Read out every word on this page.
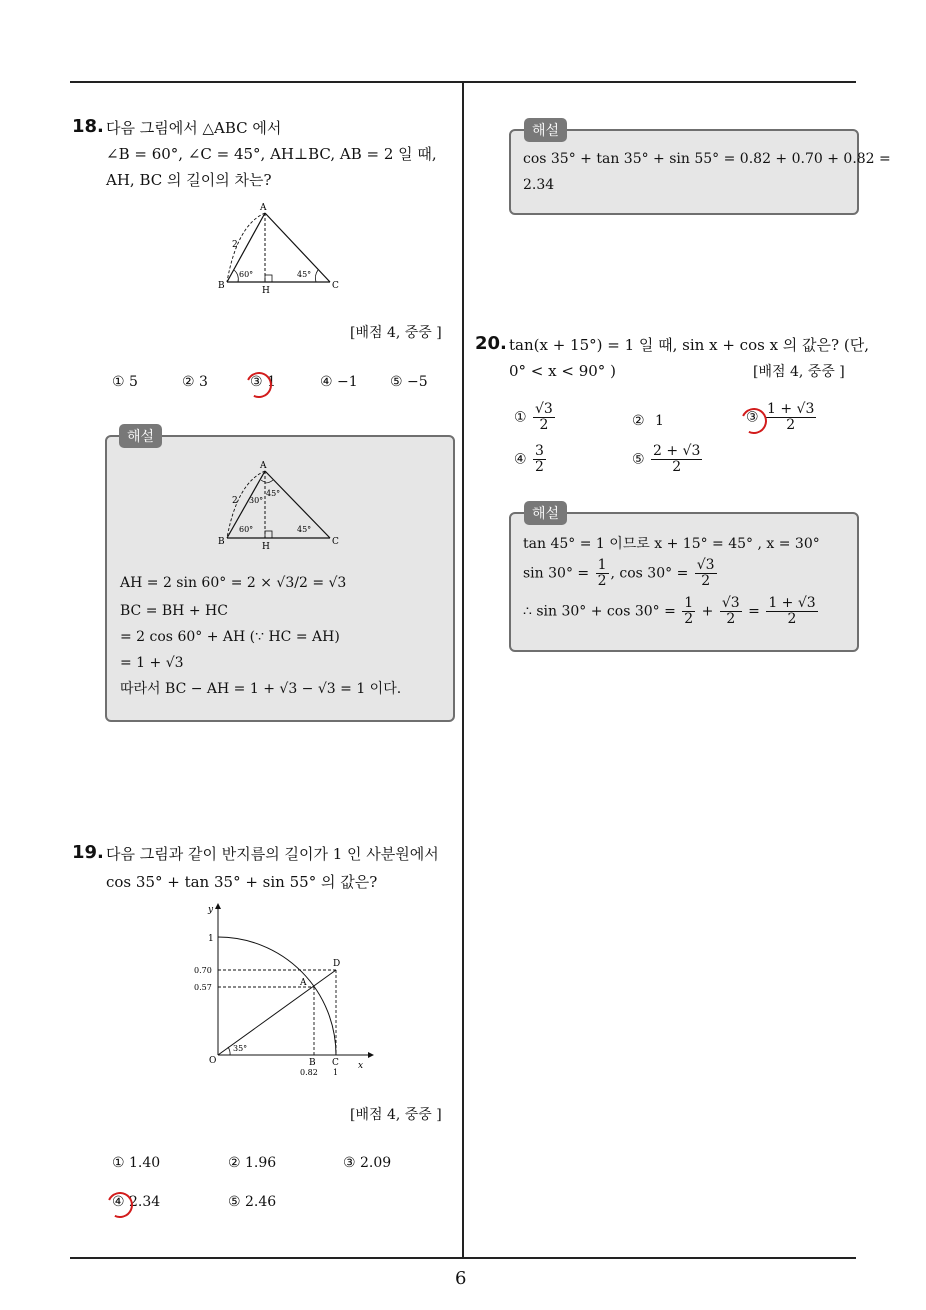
6
18. 다음 그림에서 △ABC 에서
∠B = 60°, ∠C = 45°, AH⊥BC, AB = 2 일 때,
AH, BC 의 길이의 차는?
A
B	C
H
2
60°	45°
[배점 4, 중중 ]
① 5	② 3	③ 1	④ −1 ⑤ −5
해설
A
B	C
H
2 30°
45°
60°	45°
AH = 2 sin 60° = 2 × √3/2 = √3
BC = BH + HC
= 2 cos 60° + AH (∵ HC = AH)
= 1 + √3
따라서 BC − AH = 1 + √3 − √3 = 1 이다.
19. 다음 그림과 같이 반지름의 길이가 1 인 사분원에서
cos 35° + tan 35° + sin 55° 의 값은?
y
x
1
0.70
0.57
D
A
O	B C
35°
0.82 1
[배점 4, 중중 ]
① 1.40	② 1.96	③ 2.09
④ 2.34	⑤ 2.46
해설
cos 35° + tan 35° + sin 55° = 0.82 + 0.70 + 0.82 =
2.34
20. tan(x + 15°) = 1 일 때, sin x + cos x 의 값은? (단,
0° < x < 90° )	[배점 4, 중중 ]
① $\frac{√3}{2}$	② 1	③ $\frac{1 + √3}{2}$
④ $\frac{3}{2}$	⑤ $\frac{2 + √3}{2}$
해설
tan 45° = 1 이므로 x + 15° = 45° , x = 30°
$\sin 30^\circ = \frac{1}{2}$ , $\cos 30^\circ = \frac{√3}{2}$
∴ $\sin 30^\circ + \cos 30^\circ = \frac{1}{2} + \frac{√3}{2} = \frac{1 + √3}{2}$
